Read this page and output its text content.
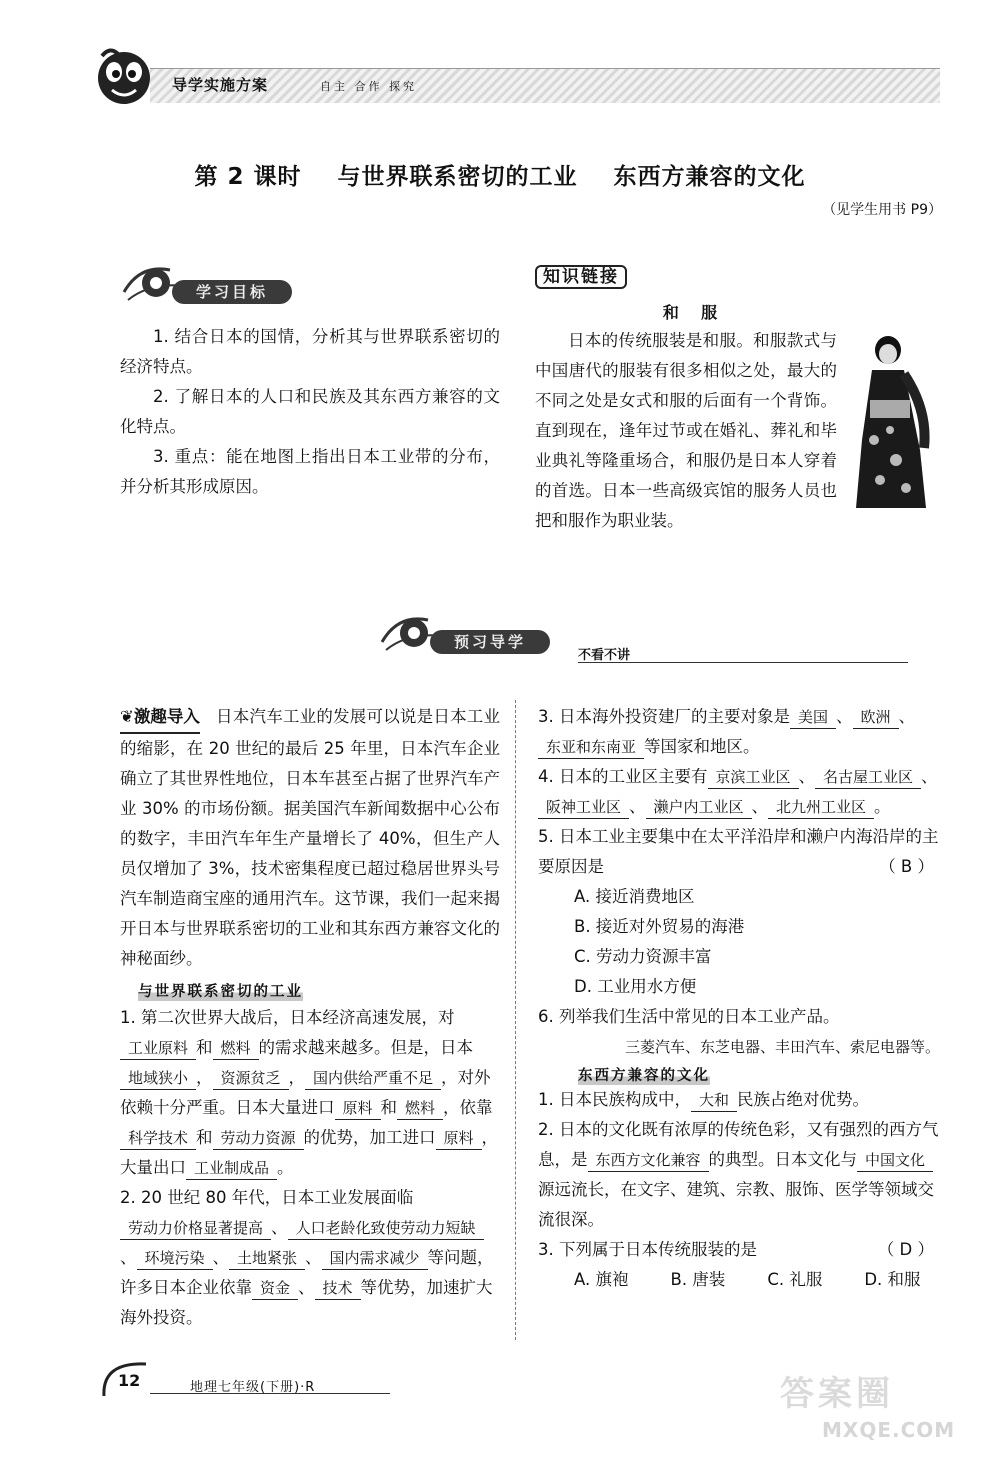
导学实施方案	自主 合作 探究
第 2 课时    与世界联系密切的工业    东西方兼容的文化
（见学生用书 P9）
学习目标

1. 结合日本的国情，分析其与世界联系密切的经济特点。

2. 了解日本的人口和民族及其东西方兼容的文化特点。

3. 重点：能在地图上指出日本工业带的分布，并分析其形成原因。

知识链接
和    服

日本的传统服装是和服。和服款式与中国唐代的服装有很多相似之处，最大的不同之处是女式和服的后面有一个背饰。直到现在，逢年过节或在婚礼、葬礼和毕业典礼等隆重场合，和服仍是日本人穿着的首选。日本一些高级宾馆的服务人员也把和服作为职业装。

预习导学
不看不讲
❦激趣导入 日本汽车工业的发展可以说是日本工业的缩影，在 20 世纪的最后 25 年里，日本汽车企业确立了其世界性地位，日本车甚至占据了世界汽车产业 30% 的市场份额。据美国汽车新闻数据中心公布的数字，丰田汽车年生产量增长了 40%，但生产人员仅增加了 3%，技术密集程度已超过稳居世界头号汽车制造商宝座的通用汽车。这节课，我们一起来揭开日本与世界联系密切的工业和其东西方兼容文化的神秘面纱。
与世界联系密切的工业
1. 第二次世界大战后，日本经济高速发展，对工业原料 和 燃料 的需求越来越多。但是，日本地域狭小 ， 资源贫乏 ， 国内供给严重不足 ，对外依赖十分严重。日本大量进口 原料 和 燃料 ，依靠科学技术 和 劳动力资源 的优势，加工进口 原料 ，大量出口 工业制成品 。
2. 20 世纪 80 年代，日本工业发展面临劳动力价格显著提高 、 人口老龄化致使劳动力短缺、 环境污染 、 土地紧张 、 国内需求减少 等问题，许多日本企业依靠 资金 、 技术 等优势，加速扩大海外投资。
3. 日本海外投资建厂的主要对象是 美国 、 欧洲 、东亚和东南亚 等国家和地区。
4. 日本的工业区主要有 京滨工业区 、 名古屋工业区 、阪神工业区 、 濑户内工业区 、 北九州工业区 。
5. 日本工业主要集中在太平洋沿岸和濑户内海沿岸的主要原因是	（ B ）
A. 接近消费地区
B. 接近对外贸易的海港
C. 劳动力资源丰富
D. 工业用水方便
6. 列举我们生活中常见的日本工业产品。
三菱汽车、东芝电器、丰田汽车、索尼电器等。
东西方兼容的文化
1. 日本民族构成中， 大和 民族占绝对优势。
2. 日本的文化既有浓厚的传统色彩，又有强烈的西方气息，是 东西方文化兼容 的典型。日本文化与 中国文化源远流长，在文字、建筑、宗教、服饰、医学等领域交流很深。
3. 下列属于日本传统服装的是	（ D ）
A. 旗袍	B. 唐装	C. 礼服	D. 和服
12	地理七年级(下册)·R	答案圈
MXQE.COM
